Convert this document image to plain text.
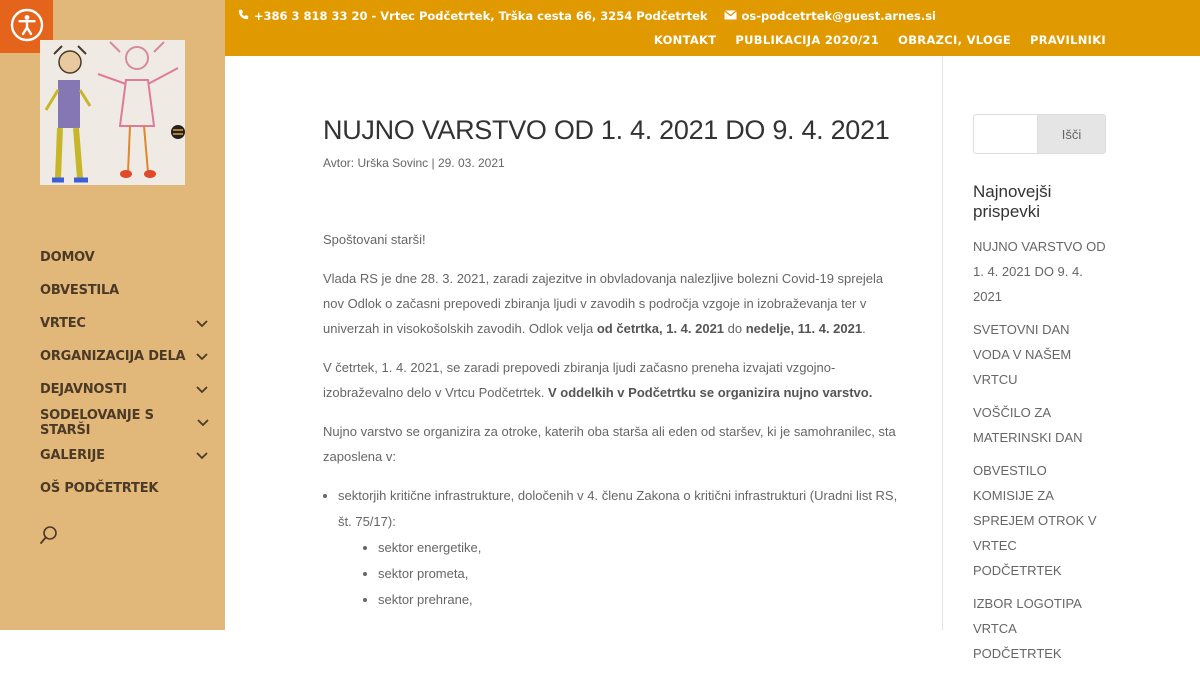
DOMOV
OBVESTILA
VRTEC
ORGANIZACIJA DELA
DEJAVNOSTI
SODELOVANJE S STARŠI
GALERIJE
OŠ PODČETRTEK
+386 3 818 33 20 - Vrtec Podčetrtek, Trška cesta 66, 3254 Podčetrtek	os-podcetrtek@guest.arnes.si
KONTAKT PUBLIKACIJA 2020/21 OBRAZCI, VLOGE PRAVILNIKI
NUJNO VARSTVO OD 1. 4. 2021 DO 9. 4. 2021
Avtor: Urška Sovinc | 29. 03. 2021

Spoštovani starši!

Vlada RS je dne 28. 3. 2021, zaradi zajezitve in obvladovanja nalezljive bolezni Covid-19 sprejela nov Odlok o začasni prepovedi zbiranja ljudi v zavodih s področja vzgoje in izobraževanja ter v univerzah in visokošolskih zavodih. Odlok velja od četrtka, 1. 4. 2021 do nedelje, 11. 4. 2021.

V četrtek, 1. 4. 2021, se zaradi prepovedi zbiranja ljudi začasno preneha izvajati vzgojno-izobraževalno delo v Vrtcu Podčetrtek. V oddelkih v Podčetrtku se organizira nujno varstvo.

Nujno varstvo se organizira za otroke, katerih oba starša ali eden od staršev, ki je samohranilec, sta zaposlena v:

• sektorjih kritične infrastrukture, določenih v 4. členu Zakona o kritični infrastrukturi (Uradni list RS, št. 75/17):
• sektor energetike,
• sektor prometa,
• sektor prehrane,
Išči
Najnovejši prispevki
NUJNO VARSTVO OD 1. 4. 2021 DO 9. 4. 2021
SVETOVNI DAN VODA V NAŠEM VRTCU
VOŠČILO ZA MATERINSKI DAN
OBVESTILO KOMISIJE ZA SPREJEM OTROK V VRTEC PODČETRTEK
IZBOR LOGOTIPA VRTCA PODČETRTEK
